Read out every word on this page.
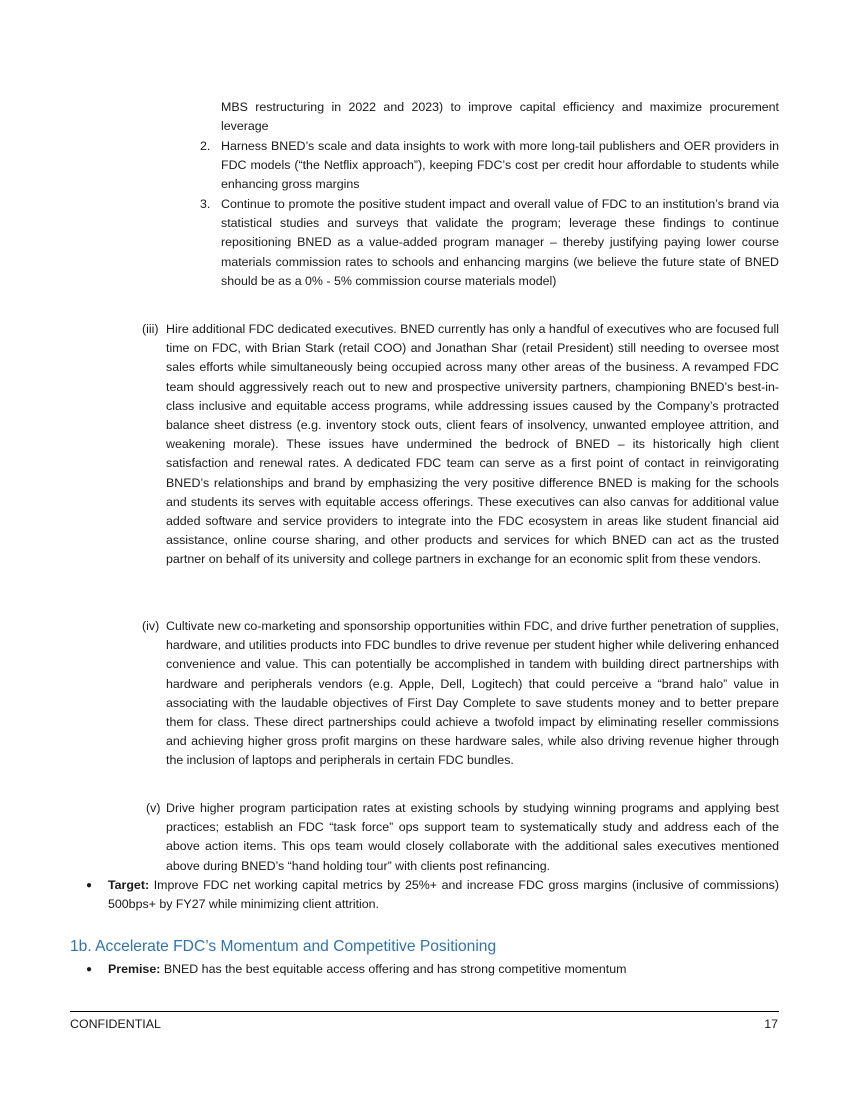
MBS restructuring in 2022 and 2023) to improve capital efficiency and maximize procurement leverage

2. Harness BNED’s scale and data insights to work with more long-tail publishers and OER providers in FDC models (“the Netflix approach”), keeping FDC’s cost per credit hour affordable to students while enhancing gross margins

3. Continue to promote the positive student impact and overall value of FDC to an institution’s brand via statistical studies and surveys that validate the program; leverage these findings to continue repositioning BNED as a value-added program manager – thereby justifying paying lower course materials commission rates to schools and enhancing margins (we believe the future state of BNED should be as a 0% - 5% commission course materials model)

(iii) Hire additional FDC dedicated executives. BNED currently has only a handful of executives who are focused full time on FDC, with Brian Stark (retail COO) and Jonathan Shar (retail President) still needing to oversee most sales efforts while simultaneously being occupied across many other areas of the business. A revamped FDC team should aggressively reach out to new and prospective university partners, championing BNED’s best-in-class inclusive and equitable access programs, while addressing issues caused by the Company’s protracted balance sheet distress (e.g. inventory stock outs, client fears of insolvency, unwanted employee attrition, and weakening morale). These issues have undermined the bedrock of BNED – its historically high client satisfaction and renewal rates. A dedicated FDC team can serve as a first point of contact in reinvigorating BNED’s relationships and brand by emphasizing the very positive difference BNED is making for the schools and students its serves with equitable access offerings. These executives can also canvas for additional value added software and service providers to integrate into the FDC ecosystem in areas like student financial aid assistance, online course sharing, and other products and services for which BNED can act as the trusted partner on behalf of its university and college partners in exchange for an economic split from these vendors.

(iv) Cultivate new co-marketing and sponsorship opportunities within FDC, and drive further penetration of supplies, hardware, and utilities products into FDC bundles to drive revenue per student higher while delivering enhanced convenience and value. This can potentially be accomplished in tandem with building direct partnerships with hardware and peripherals vendors (e.g. Apple, Dell, Logitech) that could perceive a “brand halo” value in associating with the laudable objectives of First Day Complete to save students money and to better prepare them for class. These direct partnerships could achieve a twofold impact by eliminating reseller commissions and achieving higher gross profit margins on these hardware sales, while also driving revenue higher through the inclusion of laptops and peripherals in certain FDC bundles.

(v) Drive higher program participation rates at existing schools by studying winning programs and applying best practices; establish an FDC “task force” ops support team to systematically study and address each of the above action items. This ops team would closely collaborate with the additional sales executives mentioned above during BNED’s “hand holding tour” with clients post refinancing.

● Target: Improve FDC net working capital metrics by 25%+ and increase FDC gross margins (inclusive of commissions) 500bps+ by FY27 while minimizing client attrition.

1b. Accelerate FDC’s Momentum and Competitive Positioning
● Premise: BNED has the best equitable access offering and has strong competitive momentum

CONFIDENTIAL	17
